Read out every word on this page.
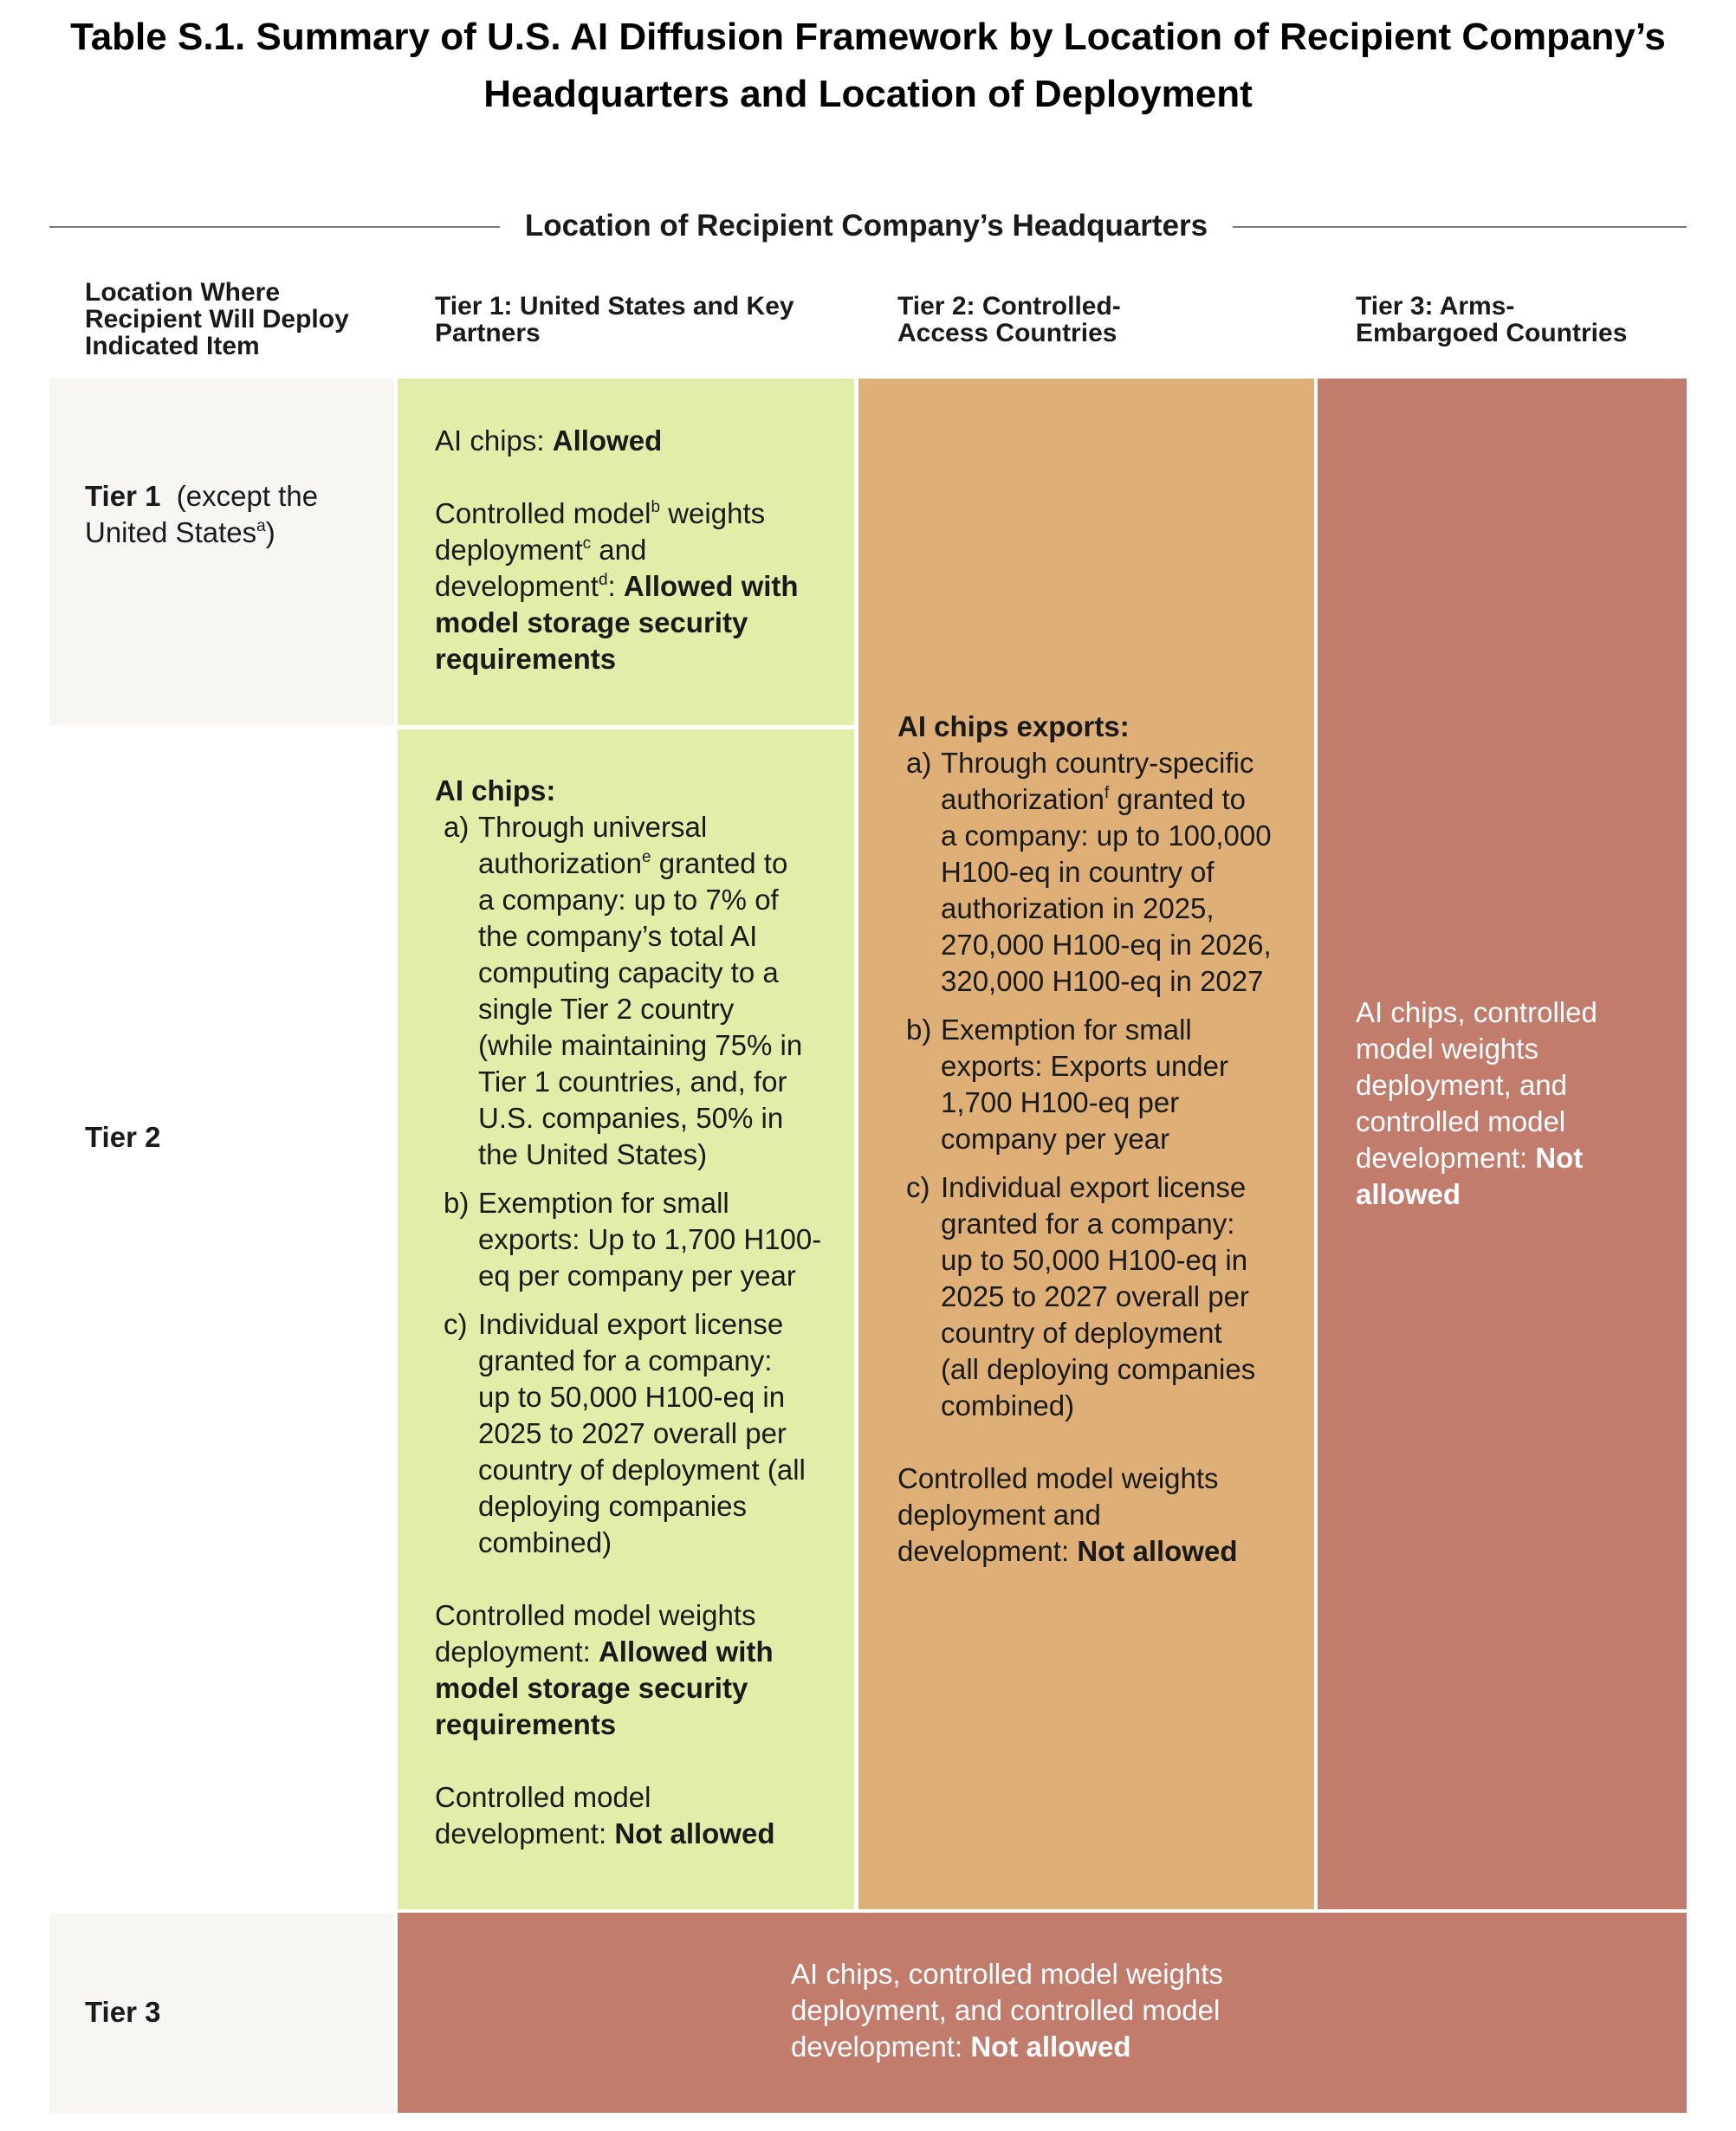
Table S.1. Summary of U.S. AI Diffusion Framework by Location of Recipient Company’s
Headquarters and Location of Deployment
Location of Recipient Company’s Headquarters
Location Where
Recipient Will Deploy
Indicated Item
Tier 1: United States and Key
Partners
Tier 2: Controlled-
Access Countries
Tier 3: Arms-
Embargoed Countries
Tier 1 (except the
United States$^a$)
Tier 2
Tier 3

AI chips: Allowed

Controlled model$^b$ weights

deployment$^c$ and

development$^d$: Allowed with

model storage security

requirements

AI chips:

a) Through universal
authorization$^e$ granted to
a company: up to 7% of
the company’s total AI
computing capacity to a
single Tier 2 country
(while maintaining 75% in
Tier 1 countries, and, for
U.S. companies, 50% in
the United States)
b) Exemption for small
exports: Up to 1,700 H100-
eq per company per year
c) Individual export license
granted for a company:
up to 50,000 H100-eq in
2025 to 2027 overall per
country of deployment (all
deploying companies
combined)

Controlled model weights

deployment: Allowed with

model storage security

requirements

Controlled model

development: Not allowed

AI chips exports:

a) Through country-specific
authorization$^f$ granted to
a company: up to 100,000
H100-eq in country of
authorization in 2025,
270,000 H100-eq in 2026,
320,000 H100-eq in 2027
b) Exemption for small
exports: Exports under
1,700 H100-eq per
company per year
c) Individual export license
granted for a company:
up to 50,000 H100-eq in
2025 to 2027 overall per
country of deployment
(all deploying companies
combined)

Controlled model weights

deployment and

development: Not allowed

AI chips, controlled

model weights

deployment, and

controlled model

development: Not

allowed

AI chips, controlled model weights

deployment, and controlled model

development: Not allowed
